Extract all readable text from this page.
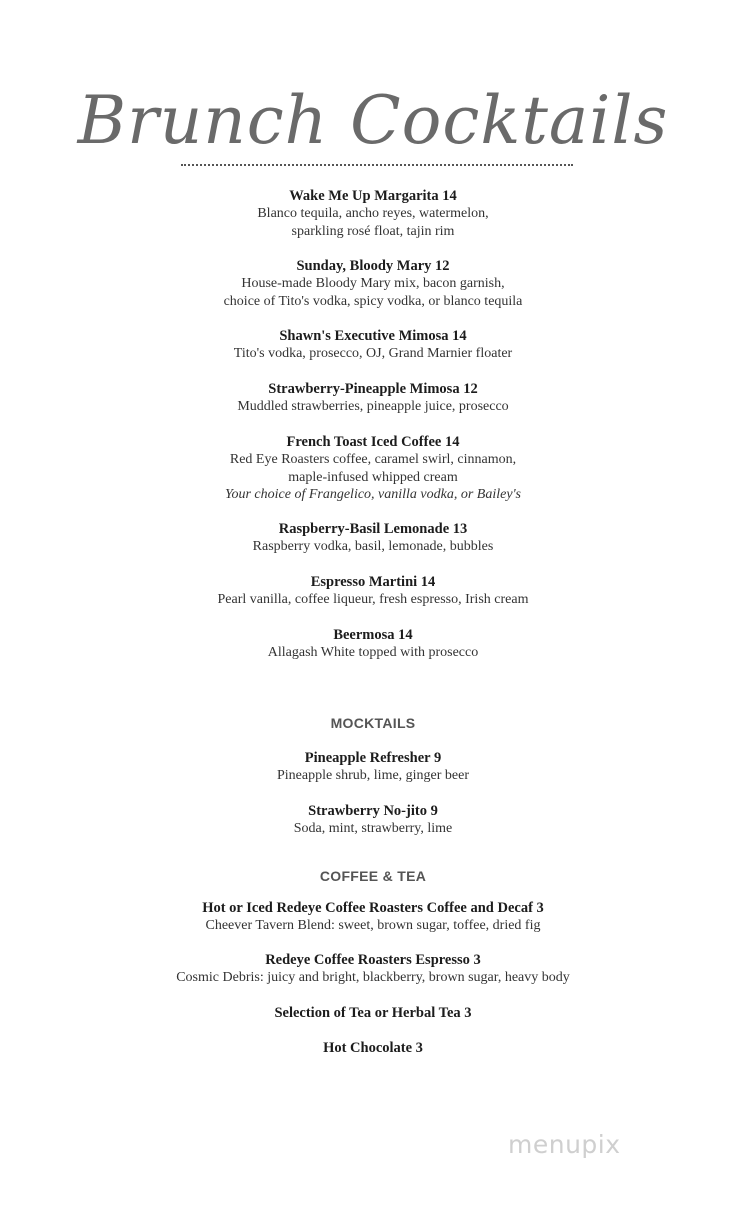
Brunch Cocktails
Wake Me Up Margarita 14
Blanco tequila, ancho reyes, watermelon,
sparkling rosé float, tajin rim
Sunday, Bloody Mary 12
House-made Bloody Mary mix, bacon garnish,
choice of Tito's vodka, spicy vodka, or blanco tequila
Shawn's Executive Mimosa 14
Tito's vodka, prosecco, OJ, Grand Marnier floater
Strawberry-Pineapple Mimosa 12
Muddled strawberries, pineapple juice, prosecco
French Toast Iced Coffee 14
Red Eye Roasters coffee, caramel swirl, cinnamon,
maple-infused whipped cream
Your choice of Frangelico, vanilla vodka, or Bailey's
Raspberry-Basil Lemonade 13
Raspberry vodka, basil, lemonade, bubbles
Espresso Martini 14
Pearl vanilla, coffee liqueur, fresh espresso, Irish cream
Beermosa 14
Allagash White topped with prosecco
MOCKTAILS
Pineapple Refresher 9
Pineapple shrub, lime, ginger beer
Strawberry No-jito 9
Soda, mint, strawberry, lime
COFFEE & TEA
Hot or Iced Redeye Coffee Roasters Coffee and Decaf 3
Cheever Tavern Blend: sweet, brown sugar, toffee, dried fig
Redeye Coffee Roasters Espresso 3
Cosmic Debris: juicy and bright, blackberry, brown sugar, heavy body
Selection of Tea or Herbal Tea 3
Hot Chocolate 3
menupix
